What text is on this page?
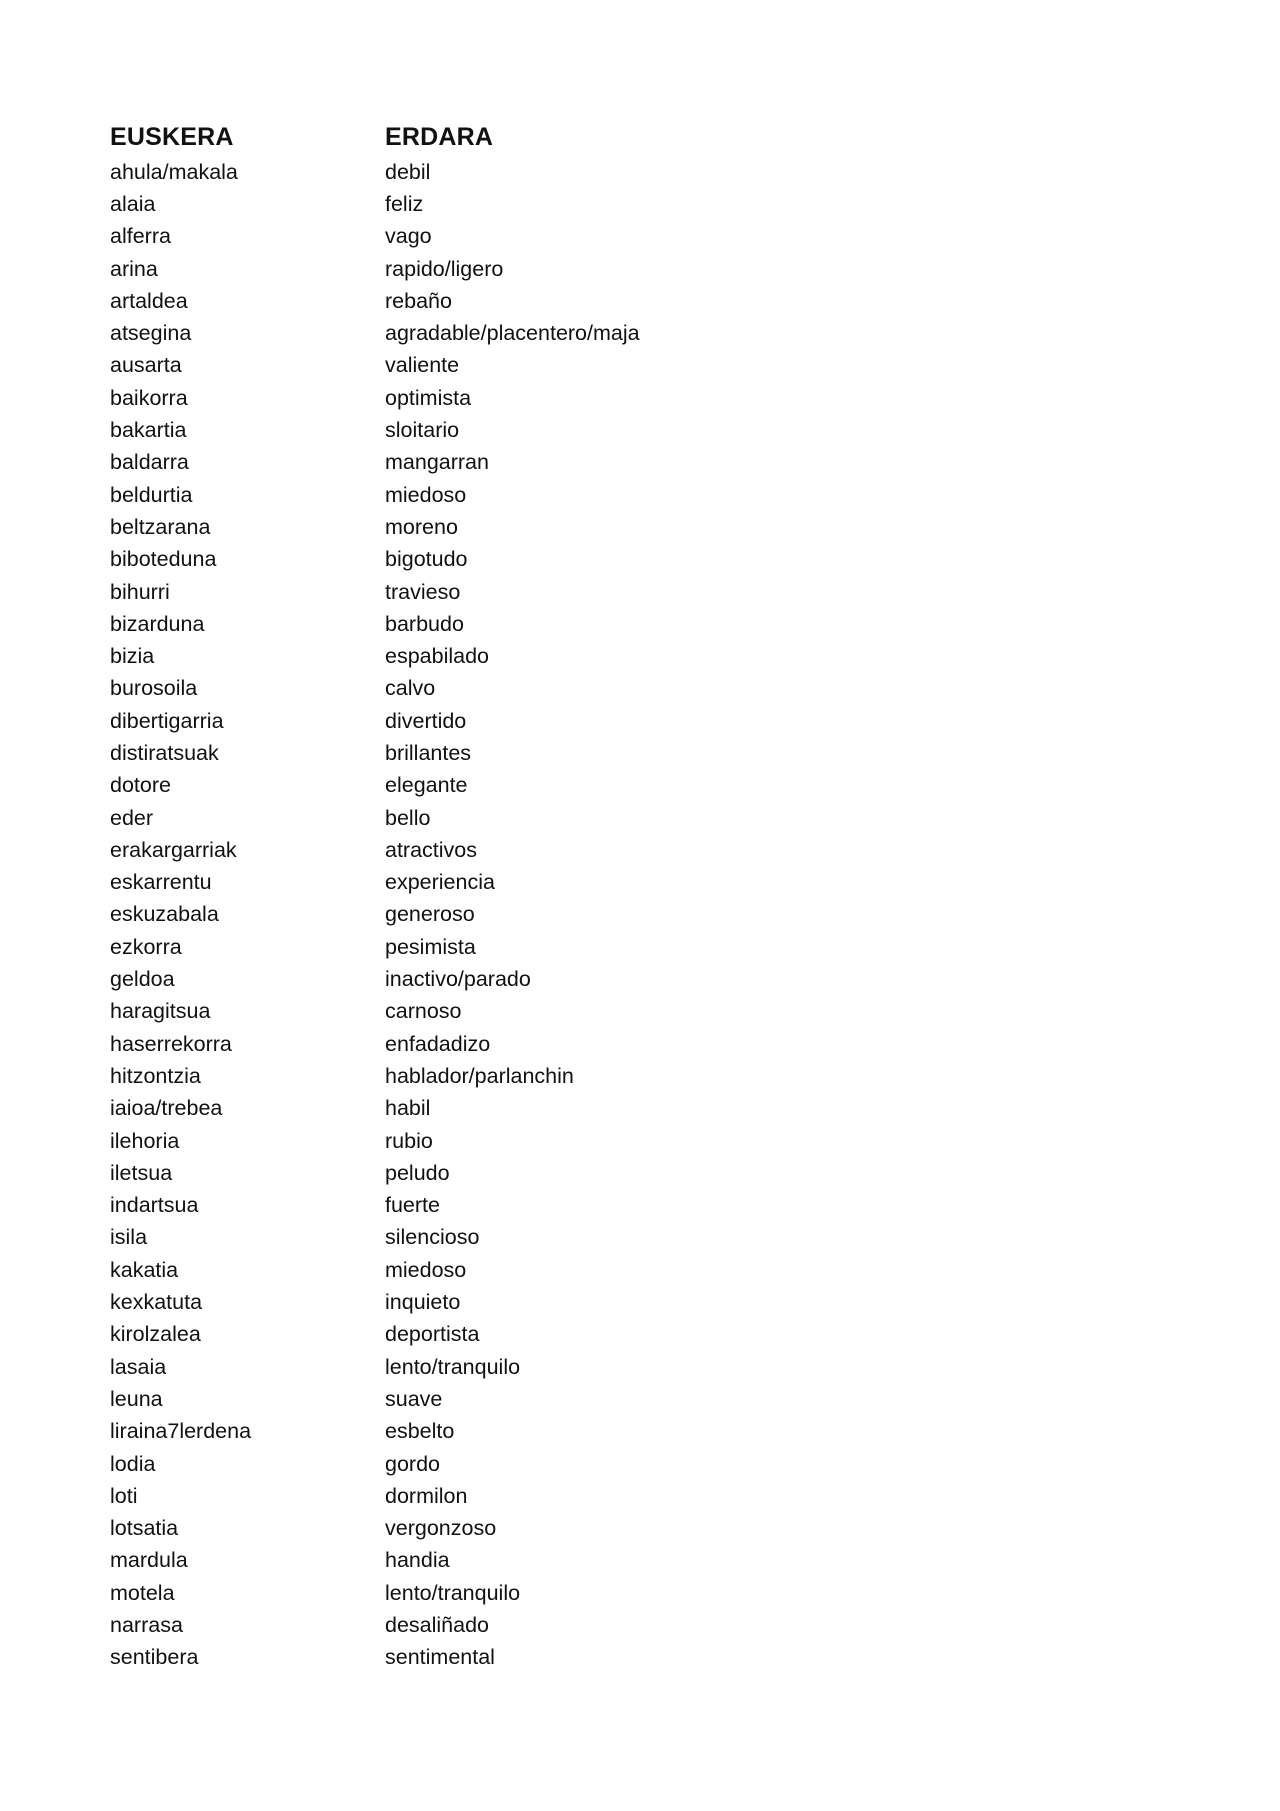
EUSKERA	ERDARA
ahula/makala	debil
alaia	feliz
alferra	vago
arina	rapido/ligero
artaldea	rebaño
atsegina	agradable/placentero/maja
ausarta	valiente
baikorra	optimista
bakartia	sloitario
baldarra	mangarran
beldurtia	miedoso
beltzarana	moreno
biboteduna	bigotudo
bihurri	travieso
bizarduna	barbudo
bizia	espabilado
burosoila	calvo
dibertigarria	divertido
distiratsuak	brillantes
dotore	elegante
eder	bello
erakargarriak	atractivos
eskarrentu	experiencia
eskuzabala	generoso
ezkorra	pesimista
geldoa	inactivo/parado
haragitsua	carnoso
haserrekorra	enfadadizo
hitzontzia	hablador/parlanchin
iaioa/trebea	habil
ilehoria	rubio
iletsua	peludo
indartsua	fuerte
isila	silencioso
kakatia	miedoso
kexkatuta	inquieto
kirolzalea	deportista
lasaia	lento/tranquilo
leuna	suave
liraina7lerdena	esbelto
lodia	gordo
loti	dormilon
lotsatia	vergonzoso
mardula	handia
motela	lento/tranquilo
narrasa	desaliñado
sentibera	sentimental
